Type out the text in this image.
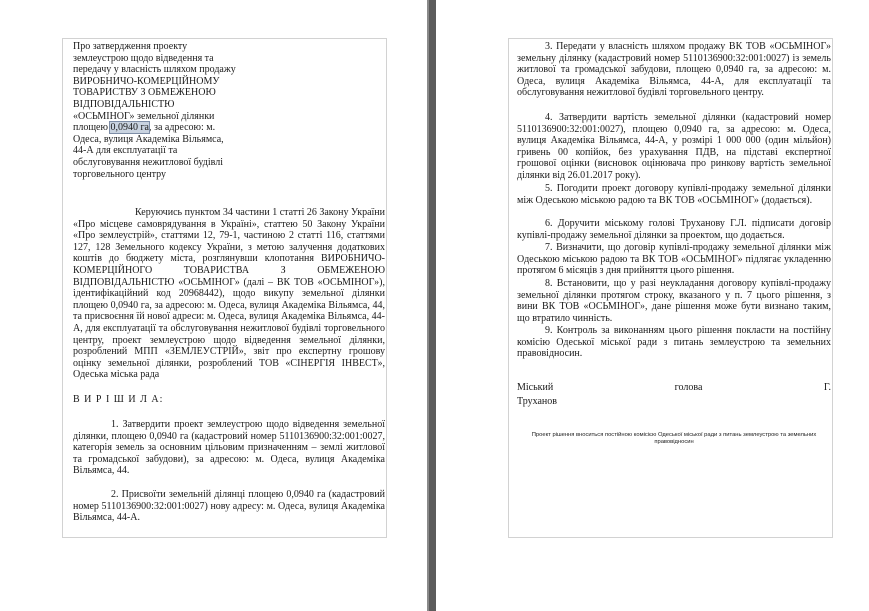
Про затвердження проекту землеустрою щодо відведення та передачу у власність шляхом продажу ВИРОБНИЧО-КОМЕРЦІЙНОМУ ТОВАРИСТВУ З ОБМЕЖЕНОЮ ВІДПОВІДАЛЬНІСТЮ «ОСЬМІНОГ» земельної ділянки площею 0,0940 га, за адресою: м. Одеса, вулиця Академіка Вільямса, 44-А для експлуатації та обслуговування нежитлової будівлі торговельного центру

Керуючись пунктом 34 частини 1 статті 26 Закону України «Про місцеве самоврядування в Україні», статтею 50 Закону України «Про землеустрій», статтями 12, 79-1, частиною 2 статті 116, статтями 127, 128 Земельного кодексу України, з метою залучення додаткових коштів до бюджету міста, розглянувши клопотання ВИРОБНИЧО-КОМЕРЦІЙНОГО ТОВАРИСТВА З ОБМЕЖЕНОЮ ВІДПОВІДАЛЬНІСТЮ «ОСЬМІНОГ» (далі – ВК ТОВ «ОСЬМІНОГ»), ідентифікаційний код 20968442), щодо викупу земельної ділянки площею 0,0940 га, за адресою: м. Одеса, вулиця Академіка Вільямса, 44, та присвоєння їй нової адреси: м. Одеса, вулиця Академіка Вільямса, 44-А, для експлуатації та обслуговування нежитлової будівлі торговельного центру, проект землеустрою щодо відведення земельної ділянки, розроблений МПП «ЗЕМЛЕУСТРІЙ», звіт про експертну грошову оцінку земельної ділянки, розроблений ТОВ «СІНЕРГІЯ ІНВЕСТ», Одеська міська рада

В И Р І Ш И Л А:

1. Затвердити проект землеустрою щодо відведення земельної ділянки, площею 0,0940 га (кадастровий номер 5110136900:32:001:0027, категорія земель за основним цільовим призначенням – землі житлової та громадської забудови), за адресою: м. Одеса, вулиця Академіка Вільямса, 44.

2. Присвоїти земельній ділянці площею 0,0940 га (кадастровий номер 5110136900:32:001:0027) нову адресу: м. Одеса, вулиця Академіка Вільямса, 44-А.

3. Передати у власність шляхом продажу ВК ТОВ «ОСЬМІНОГ» земельну ділянку (кадастровий номер 5110136900:32:001:0027) із земель житлової та громадської забудови, площею 0,0940 га, за адресою: м. Одеса, вулиця Академіка Вільямса, 44-А, для експлуатації та обслуговування нежитлової будівлі торговельного центру.

4. Затвердити вартість земельної ділянки (кадастровий номер 5110136900:32:001:0027), площею 0,0940 га, за адресою: м. Одеса, вулиця Академіка Вільямса, 44-А, у розмірі 1 000 000 (один мільйон) гривень 00 копійок, без урахування ПДВ, на підставі експертної грошової оцінки (висновок оцінювача про ринкову вартість земельної ділянки від 26.01.2017 року).

5. Погодити проект договору купівлі-продажу земельної ділянки між Одеською міською радою та ВК ТОВ «ОСЬМІНОГ» (додається).

6. Доручити міському голові Труханову Г.Л. підписати договір купівлі-продажу земельної ділянки за проектом, що додається.

7. Визначити, що договір купівлі-продажу земельної ділянки між Одеською міською радою та ВК ТОВ «ОСЬМІНОГ» підлягає укладенню протягом 6 місяців з дня прийняття цього рішення.

8. Встановити, що у разі неукладання договору купівлі-продажу земельної ділянки протягом строку, вказаного у п. 7 цього рішення, з вини ВК ТОВ «ОСЬМІНОГ», дане рішення може бути визнано таким, що втратило чинність.

9. Контроль за виконанням цього рішення покласти на постійну комісію Одеської міської ради з питань землеустрою та земельних правовідносин.

Міський голова	Г.

Труханов

Проект рішення вноситься постійною комісією Одеської міської ради з питань землеустрою та земельних правовідносин
